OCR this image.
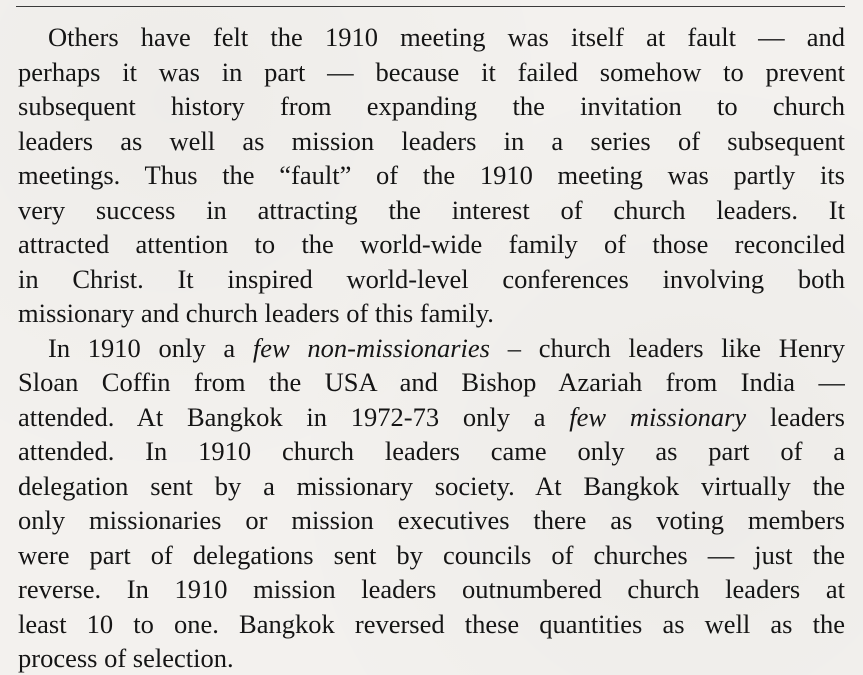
Others have felt the 1910 meeting was itself at fault — and
perhaps it was in part — because it failed somehow to prevent
subsequent history from expanding the invitation to church
leaders as well as mission leaders in a series of subsequent
meetings. Thus the “fault” of the 1910 meeting was partly its
very success in attracting the interest of church leaders. It
attracted attention to the world-wide family of those reconciled
in Christ. It inspired world-level conferences involving both
missionary and church leaders of this family.
In 1910 only a few non-missionaries – church leaders like Henry
Sloan Coffin from the USA and Bishop Azariah from India —
attended. At Bangkok in 1972-73 only a few missionary leaders
attended. In 1910 church leaders came only as part of a
delegation sent by a missionary society. At Bangkok virtually the
only missionaries or mission executives there as voting members
were part of delegations sent by councils of churches — just the
reverse. In 1910 mission leaders outnumbered church leaders at
least 10 to one. Bangkok reversed these quantities as well as the
process of selection.
